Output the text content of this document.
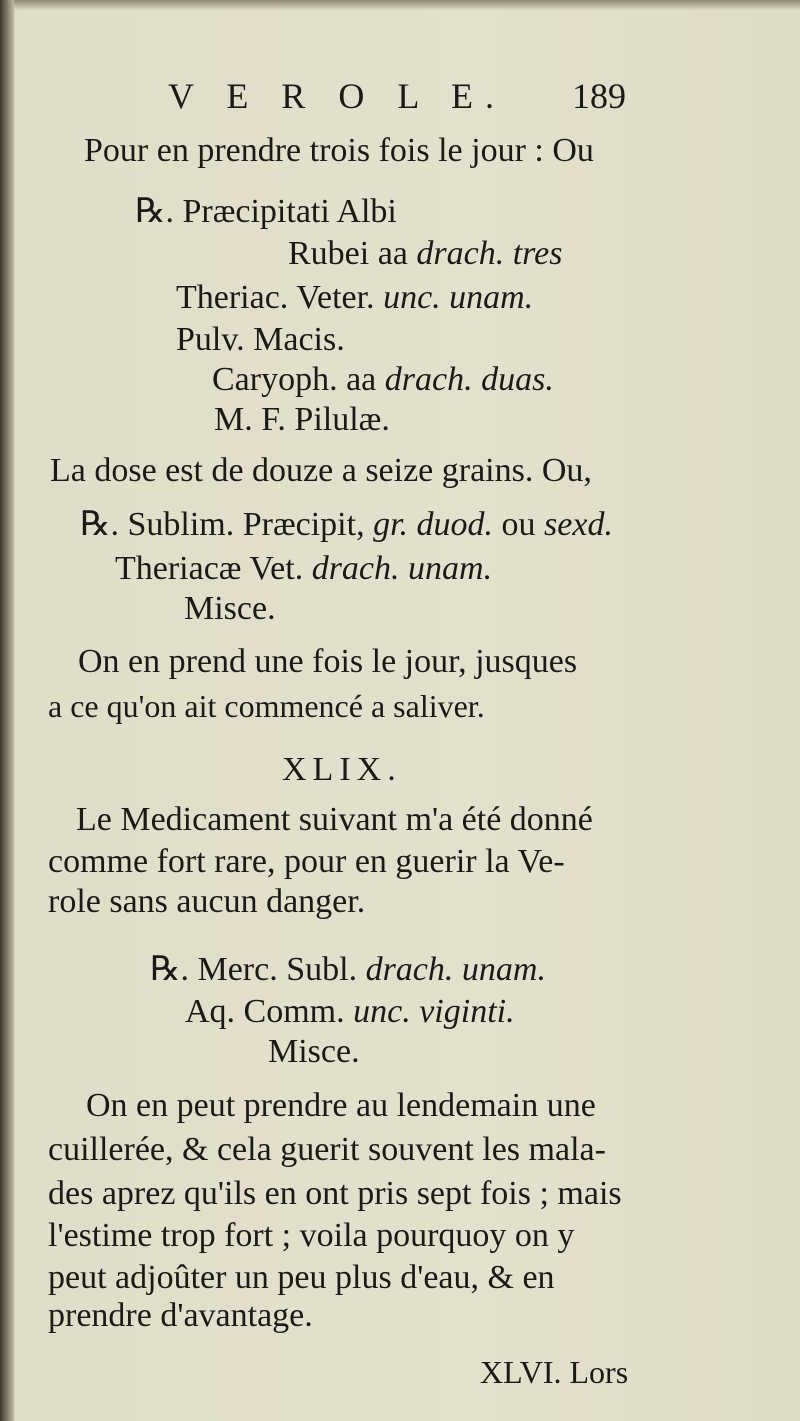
V E R O L E. 189
Pour en prendre trois fois le jour : Ou
℞. Præcipitati Albi
Rubei aa drach. tres
Theriac. Veter. unc. unam.
Pulv. Macis.
Caryoph. aa drach. duas.
M. F. Pilulæ.
La dose est de douze a seize grains. Ou,
℞. Sublim. Præcipit, gr. duod. ou sexd.
Theriacæ Vet. drach. unam.
Misce.
On en prend une fois le jour, jusques
a ce qu'on ait commencé a saliver.
XLIX.
Le Medicament suivant m'a été donné
comme fort rare, pour en guerir la Ve-
role sans aucun danger.
℞. Merc. Subl. drach. unam.
Aq. Comm. unc. viginti.
Misce.
On en peut prendre au lendemain une
cuillerée, & cela guerit souvent les mala-
des aprez qu'ils en ont pris sept fois ; mais
l'estime trop fort ; voila pourquoy on y
peut adjoûter un peu plus d'eau, & en
prendre d'avantage.
XLVI. Lors
